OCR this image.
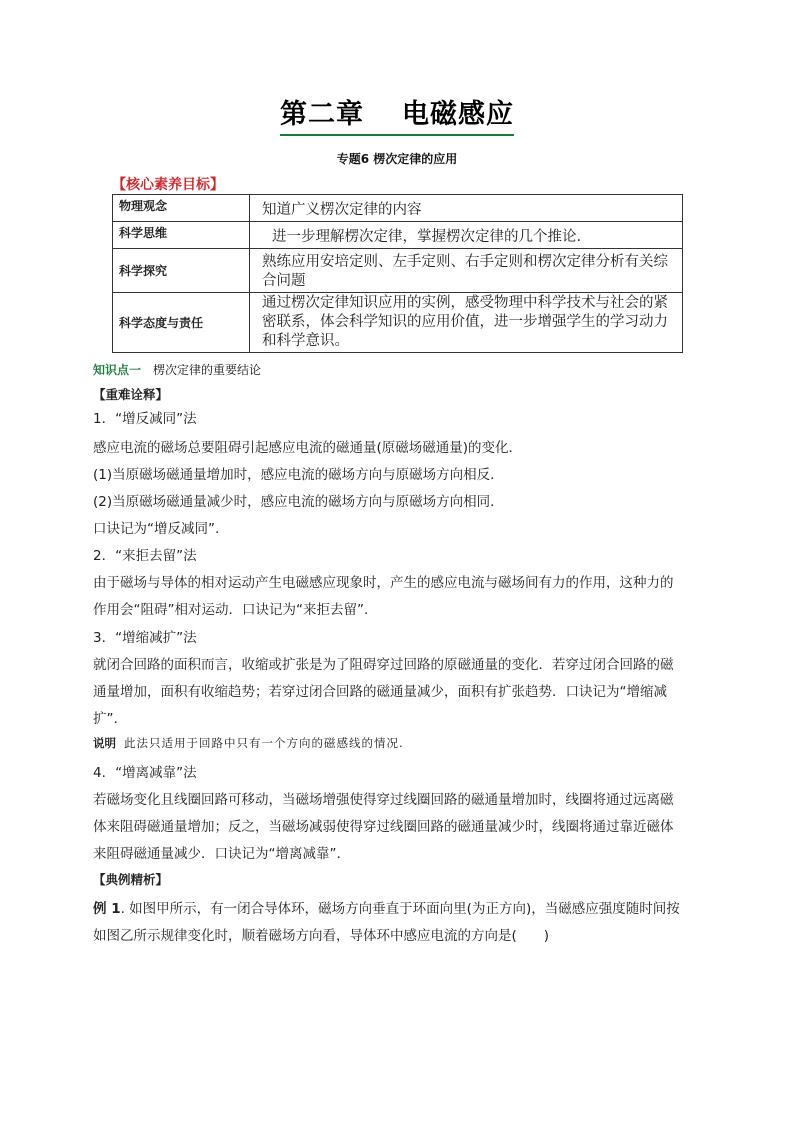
第二章 电磁感应
专题6 楞次定律的应用
【核心素养目标】
物理观念	知道广义楞次定律的内容
科学思维	进一步理解楞次定律，掌握楞次定律的几个推论.
科学探究	熟练应用安培定则、左手定则、右手定则和楞次定律分析有关综合问题
科学态度与责任	通过楞次定律知识应用的实例，感受物理中科学技术与社会的紧密联系，体会科学知识的应用价值，进一步增强学生的学习动力和科学意识。
知识点一 楞次定律的重要结论
【重难诠释】
1．“增反减同”法
感应电流的磁场总要阻碍引起感应电流的磁通量(原磁场磁通量)的变化．
(1)当原磁场磁通量增加时，感应电流的磁场方向与原磁场方向相反．
(2)当原磁场磁通量减少时，感应电流的磁场方向与原磁场方向相同．
口诀记为“增反减同”.
2．“来拒去留”法
由于磁场与导体的相对运动产生电磁感应现象时，产生的感应电流与磁场间有力的作用，这种力的
作用会“阻碍”相对运动．口诀记为“来拒去留”.
3．“增缩减扩”法
就闭合回路的面积而言，收缩或扩张是为了阻碍穿过回路的原磁通量的变化．若穿过闭合回路的磁
通量增加，面积有收缩趋势；若穿过闭合回路的磁通量减少，面积有扩张趋势．口诀记为“增缩减
扩”.
说明 此法只适用于回路中只有一个方向的磁感线的情况.
4．“增离减靠”法
若磁场变化且线圈回路可移动，当磁场增强使得穿过线圈回路的磁通量增加时，线圈将通过远离磁
体来阻碍磁通量增加；反之，当磁场减弱使得穿过线圈回路的磁通量减少时，线圈将通过靠近磁体
来阻碍磁通量减少．口诀记为“增离减靠”.
【典例精析】
例 1. 如图甲所示，有一闭合导体环，磁场方向垂直于环面向里(为正方向)，当磁感应强度随时间按
如图乙所示规律变化时，顺着磁场方向看，导体环中感应电流的方向是(　　)
